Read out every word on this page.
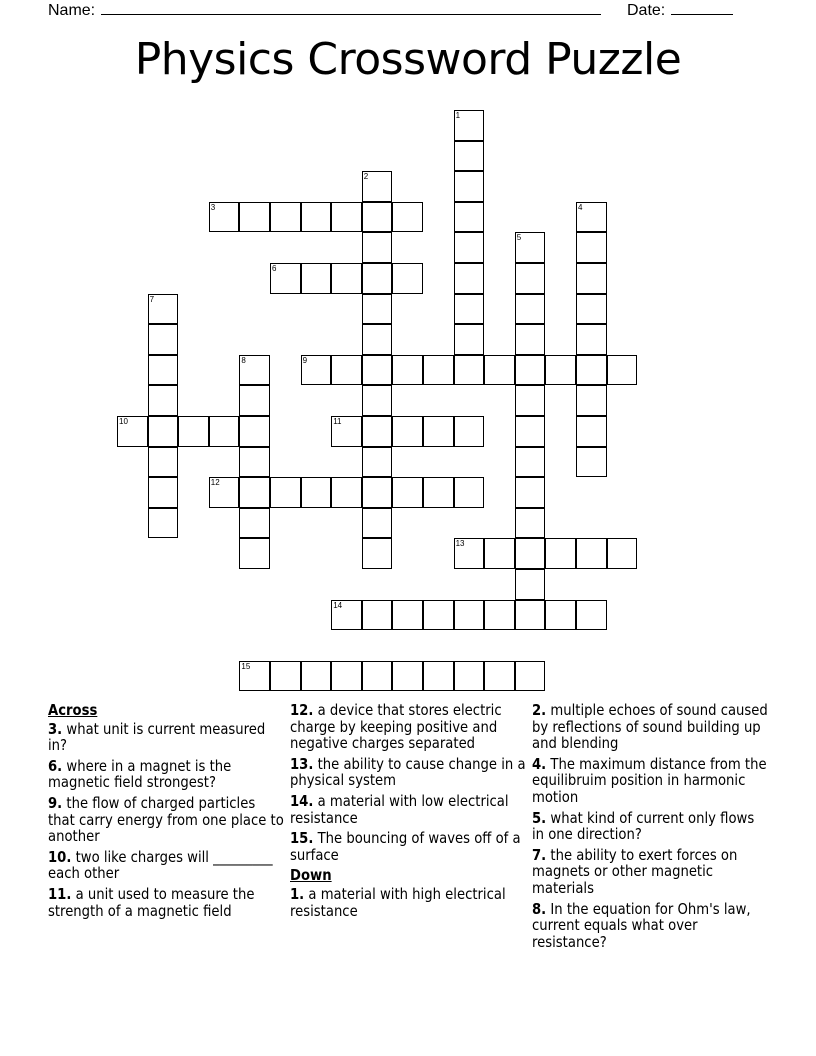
Name:	Date:
Physics Crossword Puzzle
1
2
3	4
5
6
7
8	9
10	11
12
13
14
15
Across
3. what unit is current measured in?
6. where in a magnet is the magnetic field strongest?
9. the flow of charged particles that carry energy from one place to another
10. two like charges will _________ each other
11. a unit used to measure the strength of a magnetic field
12. a device that stores electric charge by keeping positive and negative charges separated
13. the ability to cause change in a physical system
14. a material with low electrical resistance
15. The bouncing of waves off of a surface
Down
1. a material with high electrical resistance
2. multiple echoes of sound caused by reflections of sound building up and blending
4. The maximum distance from the equilibruim position in harmonic motion
5. what kind of current only flows in one direction?
7. the ability to exert forces on magnets or other magnetic materials
8. In the equation for Ohm's law, current equals what over resistance?
